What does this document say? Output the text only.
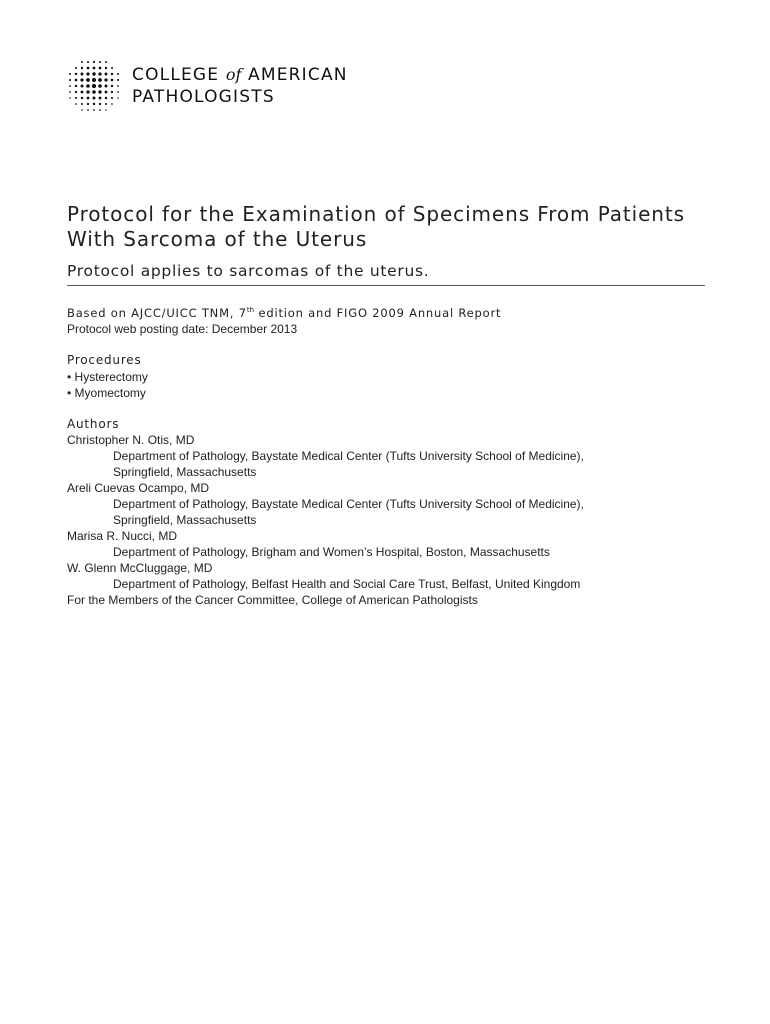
COLLEGE of AMERICAN
PATHOLOGISTS
Protocol for the Examination of Specimens From Patients With Sarcoma of the Uterus
Protocol applies to sarcomas of the uterus.
Based on AJCC/UICC TNM, 7th edition and FIGO 2009 Annual Report
Protocol web posting date: December 2013
Procedures
• Hysterectomy
• Myomectomy
Authors
Christopher N. Otis, MD
Department of Pathology, Baystate Medical Center (Tufts University School of Medicine),
Springfield, Massachusetts
Areli Cuevas Ocampo, MD
Department of Pathology, Baystate Medical Center (Tufts University School of Medicine),
Springfield, Massachusetts
Marisa R. Nucci, MD
Department of Pathology, Brigham and Women’s Hospital, Boston, Massachusetts
W. Glenn McCluggage, MD
Department of Pathology, Belfast Health and Social Care Trust, Belfast, United Kingdom
For the Members of the Cancer Committee, College of American Pathologists
